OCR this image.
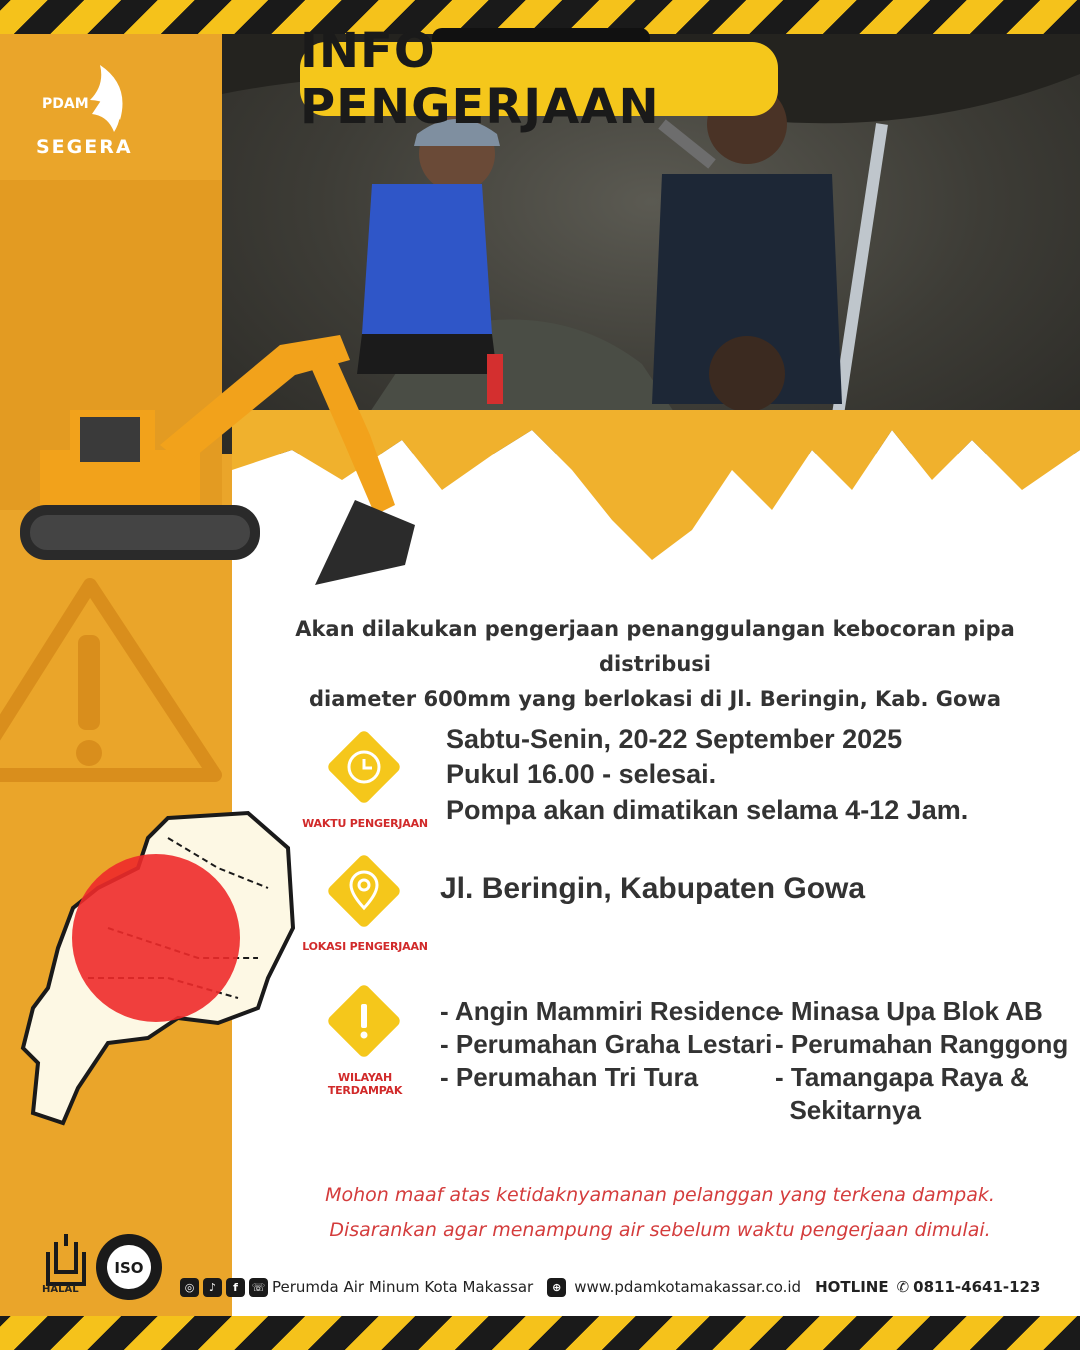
INFO PENGERJAAN
PDAM
SEGERA
Akan dilakukan pengerjaan penanggulangan kebocoran pipa distribusi
diameter 600mm yang berlokasi di Jl. Beringin, Kab. Gowa
WAKTU PENGERJAAN
Sabtu-Senin, 20-22 September 2025
Pukul 16.00 - selesai.
Pompa akan dimatikan selama 4-12 Jam.
LOKASI PENGERJAAN
Jl. Beringin, Kabupaten Gowa
WILAYAH TERDAMPAK
- Angin Mammiri Residence
- Perumahan Graha Lestari
- Perumahan Tri Tura
- Minasa Upa Blok AB
- Perumahan Ranggong
- Tamangapa Raya &
Sekitarnya
Mohon maaf atas ketidaknyamanan pelanggan yang terkena dampak.
Disarankan agar menampung air sebelum waktu pengerjaan dimulai.
HALAL
ISO
◎	♪	f	☏ Perumda Air Minum Kota Makassar	⊕ www.pdamkotamakassar.co.id HOTLINE ✆ 0811-4641-123
